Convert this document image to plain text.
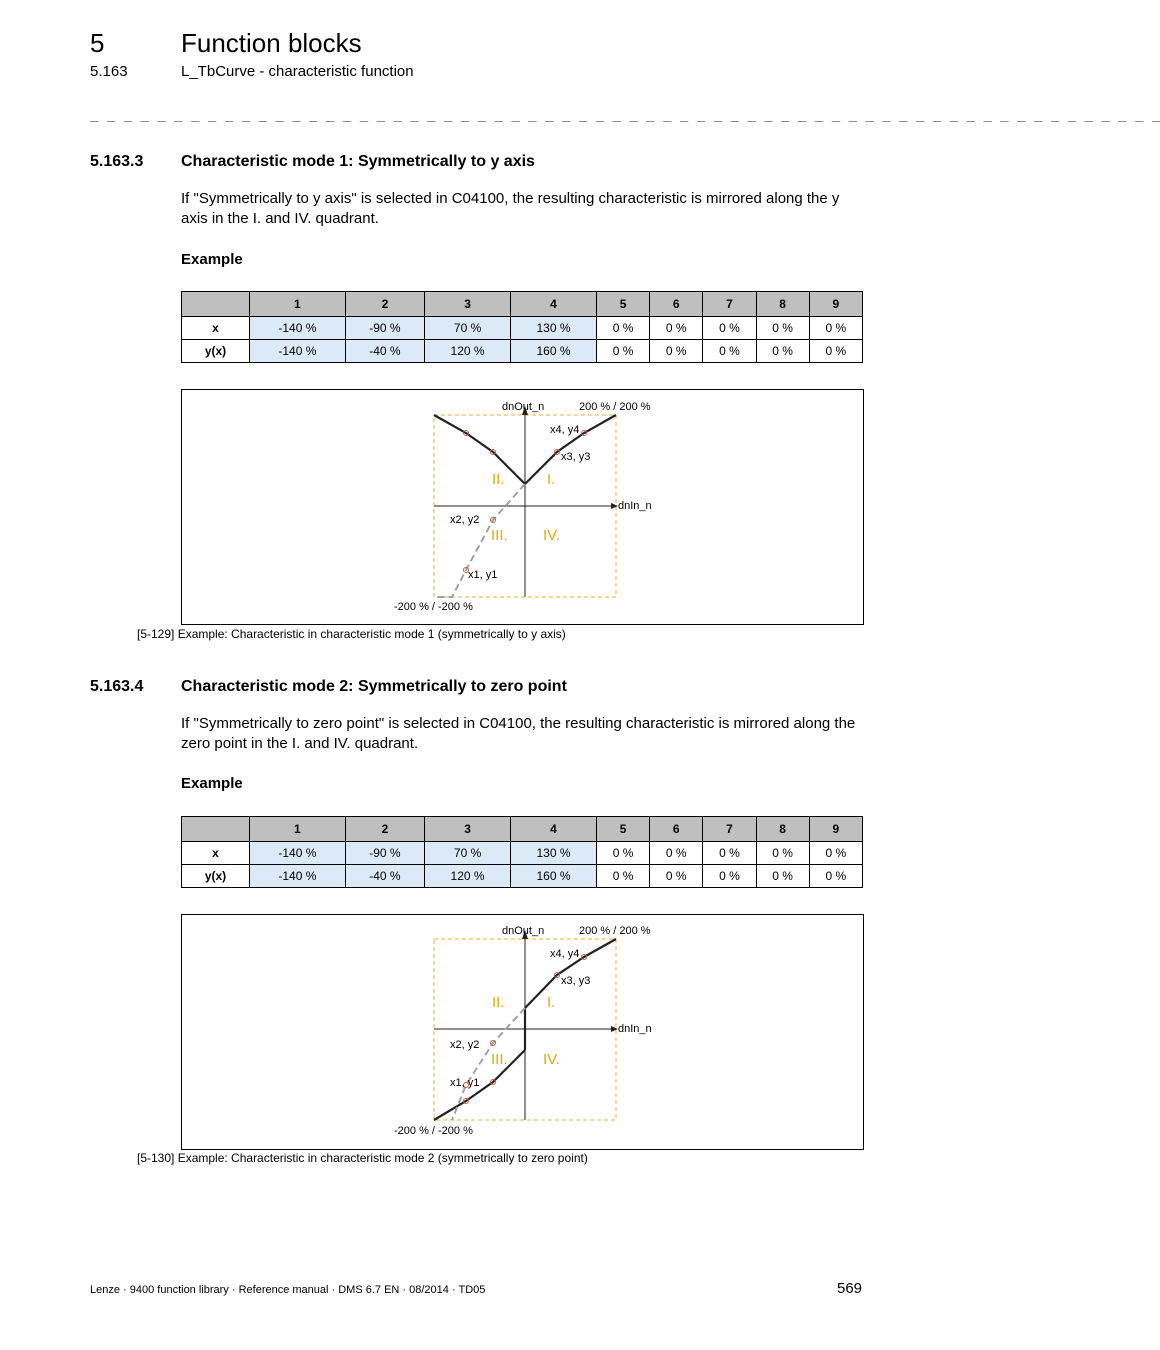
5	Function blocks
5.163	L_TbCurve - characteristic function
_ _ _ _ _ _ _ _ _ _ _ _ _ _ _ _ _ _ _ _ _ _ _ _ _ _ _ _ _ _ _ _ _ _ _ _ _ _ _ _ _ _ _ _ _ _ _ _ _ _ _ _ _ _ _ _ _ _ _ _ _ _ _ _
5.163.3 Characteristic mode 1: Symmetrically to y axis
If "Symmetrically to y axis" is selected in C04100, the resulting characteristic is mirrored along the y axis in the I. and IV. quadrant.
Example
	1	2	3	4	5	6	7	8	9
x	-140 %	-90 %	70 %	130 %	0 %	0 %	0 %	0 %	0 %
y(x)	-140 %	-40 %	120 %	160 %	0 %	0 %	0 %	0 %	0 %
dnOut_n	200 % / 200 %
dnIn_n
-200 % / -200 %
x4, y4
x3, y3
x2, y2
x1, y1
II.	I.
III. IV.
[5-129] Example: Characteristic in characteristic mode 1 (symmetrically to y axis)
5.163.4 Characteristic mode 2: Symmetrically to zero point
If "Symmetrically to zero point" is selected in C04100, the resulting characteristic is mirrored along the zero point in the I. and IV. quadrant.
Example
	1	2	3	4	5	6	7	8	9
x	-140 %	-90 %	70 %	130 %	0 %	0 %	0 %	0 %	0 %
y(x)	-140 %	-40 %	120 %	160 %	0 %	0 %	0 %	0 %	0 %
dnOut_n	200 % / 200 %
dnIn_n
-200 % / -200 %
x4, y4
x3, y3
x2, y2
x1, y1
II.	I.
III. IV.
[5-130] Example: Characteristic in characteristic mode 2 (symmetrically to zero point)
Lenze · 9400 function library · Reference manual · DMS 6.7 EN · 08/2014 · TD05	569
